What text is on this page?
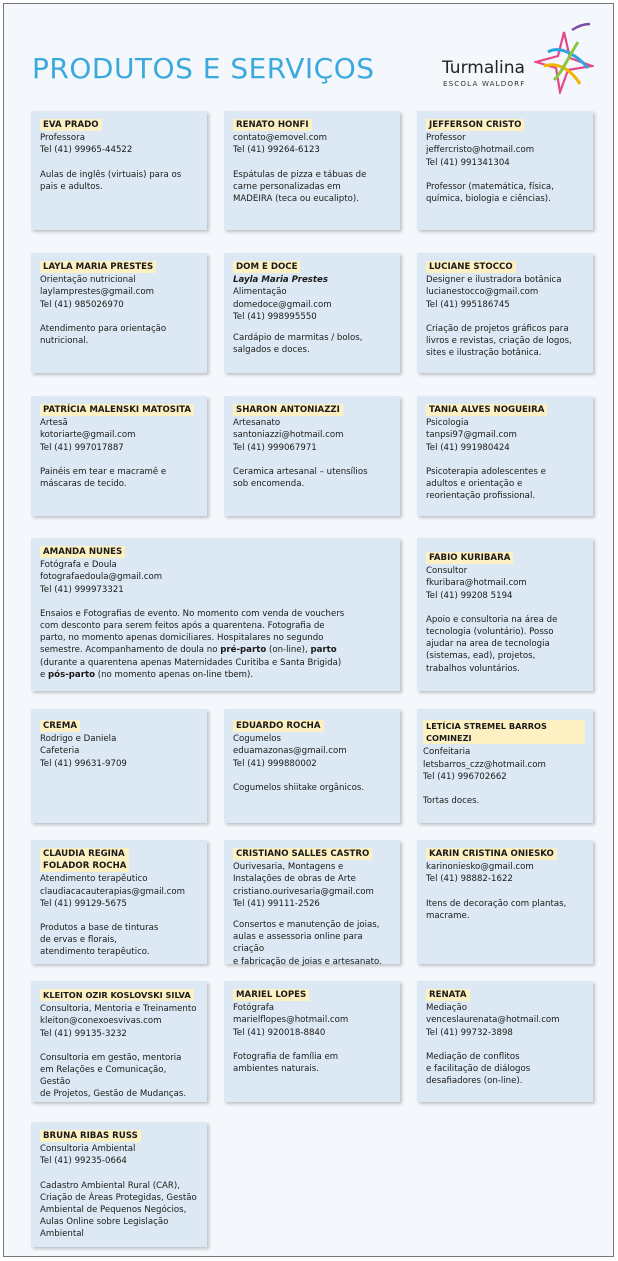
PRODUTOS E SERVIÇOS	Turmalina
ESCOLA WALDORF
EVA PRADO
Professora
Tel (41) 99965-44522
Aulas de inglês (virtuais) para os
pais e adultos.
RENATO HONFI
contato@emovel.com
Tel (41) 99264-6123
Espátulas de pizza e tábuas de
carne personalizadas em
MADEIRA (teca ou eucalipto).
JEFFERSON CRISTO
Professor
jeffercristo@hotmail.com
Tel (41) 991341304
Professor (matemática, física,
química, biologia e ciências).
LAYLA MARIA PRESTES
Orientação nutricional
laylamprestes@gmail.com
Tel (41) 985026970
Atendimento para orientação
nutricional.
DOM E DOCE
Layla Maria Prestes
Alimentação
domedoce@gmail.com
Tel (41) 998995550
Cardápio de marmitas / bolos,
salgados e doces.
LUCIANE STOCCO
Designer e ilustradora botânica
lucianestocco@gmail.com
Tel (41) 995186745
Criação de projetos gráficos para
livros e revistas, criação de logos,
sites e ilustração botânica.
PATRÍCIA MALENSKI MATOSITA
Artesã
kotoriarte@gmail.com
Tel (41) 997017887
Painéis em tear e macramê e
máscaras de tecido.
SHARON ANTONIAZZI
Artesanato
santoniazzi@hotmail.com
Tel (41) 999067971
Ceramica artesanal – utensílios
sob encomenda.
TANIA ALVES NOGUEIRA
Psicologia
tanpsi97@gmail.com
Tel (41) 991980424
Psicoterapia adolescentes e
adultos e orientação e
reorientação profissional.
AMANDA NUNES
Fotógrafa e Doula
fotografaedoula@gmail.com
Tel (41) 999973321
Ensaios e Fotografias de evento. No momento com venda de vouchers
com desconto para serem feitos após a quarentena. Fotografia de
parto, no momento apenas domiciliares. Hospitalares no segundo
semestre. Acompanhamento de doula no pré-parto (on-line), parto
(durante a quarentena apenas Maternidades Curitiba e Santa Brigida)
e pós-parto (no momento apenas on-line tbem).
FABIO KURIBARA
Consultor
fkuribara@hotmail.com
Tel (41) 99208 5194
Apoio e consultoria na área de
tecnologia (voluntário). Posso
ajudar na area de tecnologia
(sistemas, ead), projetos,
trabalhos voluntários.
CREMA
Rodrigo e Daniela
Cafeteria
Tel (41) 99631-9709
EDUARDO ROCHA
Cogumelos
eduamazonas@gmail.com
Tel (41) 999880002
Cogumelos shiitake orgânicos.
LETÍCIA STREMEL BARROS COMINEZI
Confeitaria
letsbarros_czz@hotmail.com
Tel (41) 996702662
Tortas doces.
CLAUDIA REGINA
FOLADOR ROCHA
Atendimento terapêutico
claudiacacauterapias@gmail.com
Tel (41) 99129-5675
Produtos a base de tinturas
de ervas e florais,
atendimento terapêutico.
CRISTIANO SALLES CASTRO
Ourivesaria, Montagens e
Instalações de obras de Arte
cristiano.ourivesaria@gmail.com
Tel (41) 99111-2526
Consertos e manutenção de joias,
aulas e assessoria online para criação
e fabricação de joias e artesanato.
KARIN CRISTINA ONIESKO
karinoniesko@gmail.com
Tel (41) 98882-1622
Itens de decoração com plantas,
macrame.
KLEITON OZIR KOSLOVSKI SILVA
Consultoria, Mentoria e Treinamento
kleiton@conexoesvivas.com
Tel (41) 99135-3232
Consultoria em gestão, mentoria
em Relações e Comunicação, Gestão
de Projetos, Gestão de Mudanças.
MARIEL LOPES
Fotógrafa
marielflopes@hotmail.com
Tel (41) 920018-8840
Fotografia de família em
ambientes naturais.
RENATA
Mediação
venceslaurenata@hotmail.com
Tel (41) 99732-3898
Mediação de conflitos
e facilitação de diálogos
desafiadores (on-line).
BRUNA RIBAS RUSS
Consultoria Ambiental
Tel (41) 99235-0664
Cadastro Ambiental Rural (CAR),
Criação de Áreas Protegidas, Gestão
Ambiental de Pequenos Negócios,
Aulas Online sobre Legislação
Ambiental
